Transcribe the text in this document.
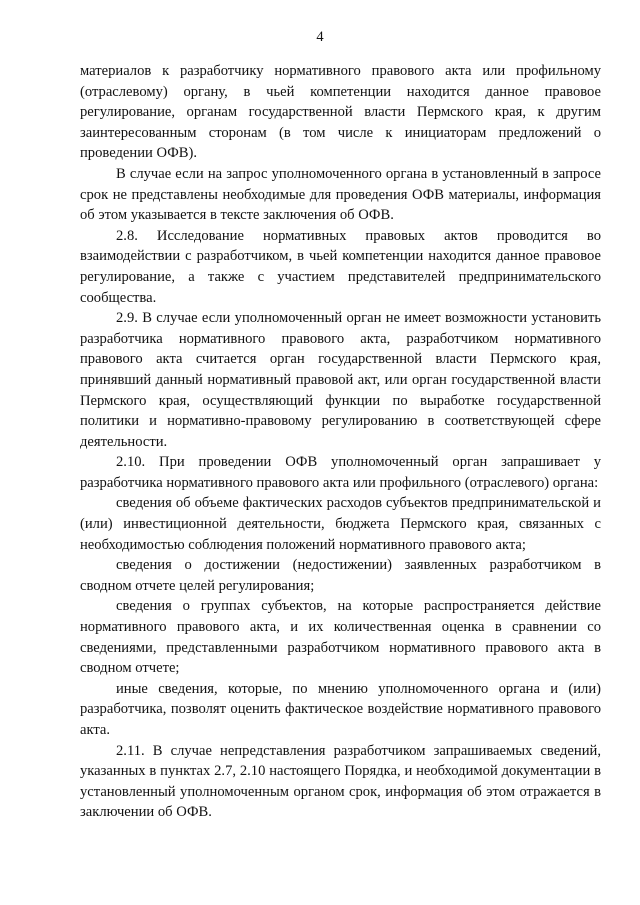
4

материалов к разработчику нормативного правового акта или профильному (отраслевому) органу, в чьей компетенции находится данное правовое регулирование, органам государственной власти Пермского края, к другим заинтересованным сторонам (в том числе к инициаторам предложений о проведении ОФВ).

В случае если на запрос уполномоченного органа в установленный в запросе срок не представлены необходимые для проведения ОФВ материалы, информация об этом указывается в тексте заключения об ОФВ.

2.8. Исследование нормативных правовых актов проводится во взаимодействии с разработчиком, в чьей компетенции находится данное правовое регулирование, а также с участием представителей предпринимательского сообщества.

2.9. В случае если уполномоченный орган не имеет возможности установить разработчика нормативного правового акта, разработчиком нормативного правового акта считается орган государственной власти Пермского края, принявший данный нормативный правовой акт, или орган государственной власти Пермского края, осуществляющий функции по выработке государственной политики и нормативно-правовому регулированию в соответствующей сфере деятельности.

2.10. При проведении ОФВ уполномоченный орган запрашивает у разработчика нормативного правового акта или профильного (отраслевого) органа:

сведения об объеме фактических расходов субъектов предпринимательской и (или) инвестиционной деятельности, бюджета Пермского края, связанных с необходимостью соблюдения положений нормативного правового акта;

сведения о достижении (недостижении) заявленных разработчиком в сводном отчете целей регулирования;

сведения о группах субъектов, на которые распространяется действие нормативного правового акта, и их количественная оценка в сравнении со сведениями, представленными разработчиком нормативного правового акта в сводном отчете;

иные сведения, которые, по мнению уполномоченного органа и (или) разработчика, позволят оценить фактическое воздействие нормативного правового акта.

2.11. В случае непредставления разработчиком запрашиваемых сведений, указанных в пунктах 2.7, 2.10 настоящего Порядка, и необходимой документации в установленный уполномоченным органом срок, информация об этом отражается в заключении об ОФВ.
